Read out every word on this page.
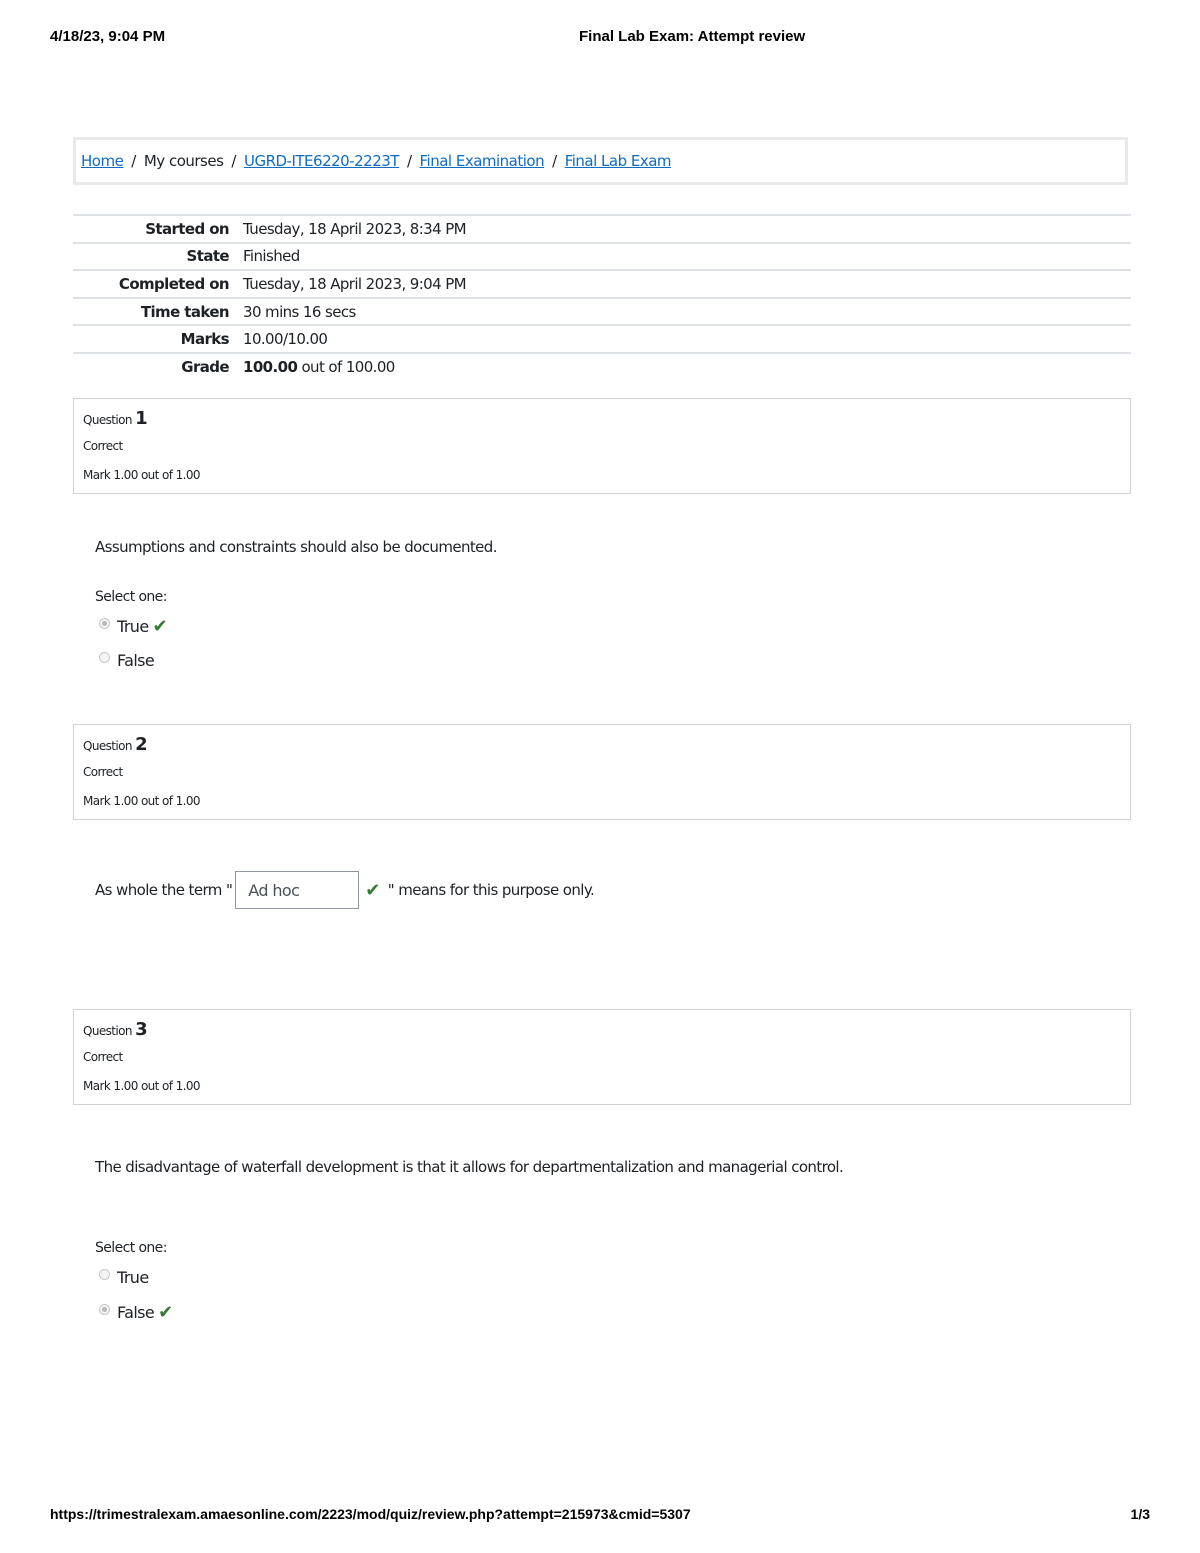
4/18/23, 9:04 PM	Final Lab Exam: Attempt review
Home / My courses / UGRD-ITE6220-2223T / Final Examination / Final Lab Exam
Started on	Tuesday, 18 April 2023, 8:34 PM
State	Finished
Completed on	Tuesday, 18 April 2023, 9:04 PM
Time taken	30 mins 16 secs
Marks	10.00/10.00
Grade	100.00 out of 100.00
Question 1
Correct
Mark 1.00 out of 1.00
Assumptions and constraints should also be documented.
Select one:
True ✔
False
Question 2
Correct
Mark 1.00 out of 1.00
As whole the term "	Ad hoc	✔ " means for this purpose only.
Question 3
Correct
Mark 1.00 out of 1.00
The disadvantage of waterfall development is that it allows for departmentalization and managerial control.
Select one:
True
False ✔
https://trimestralexam.amaesonline.com/2223/mod/quiz/review.php?attempt=215973&cmid=5307	1/3
